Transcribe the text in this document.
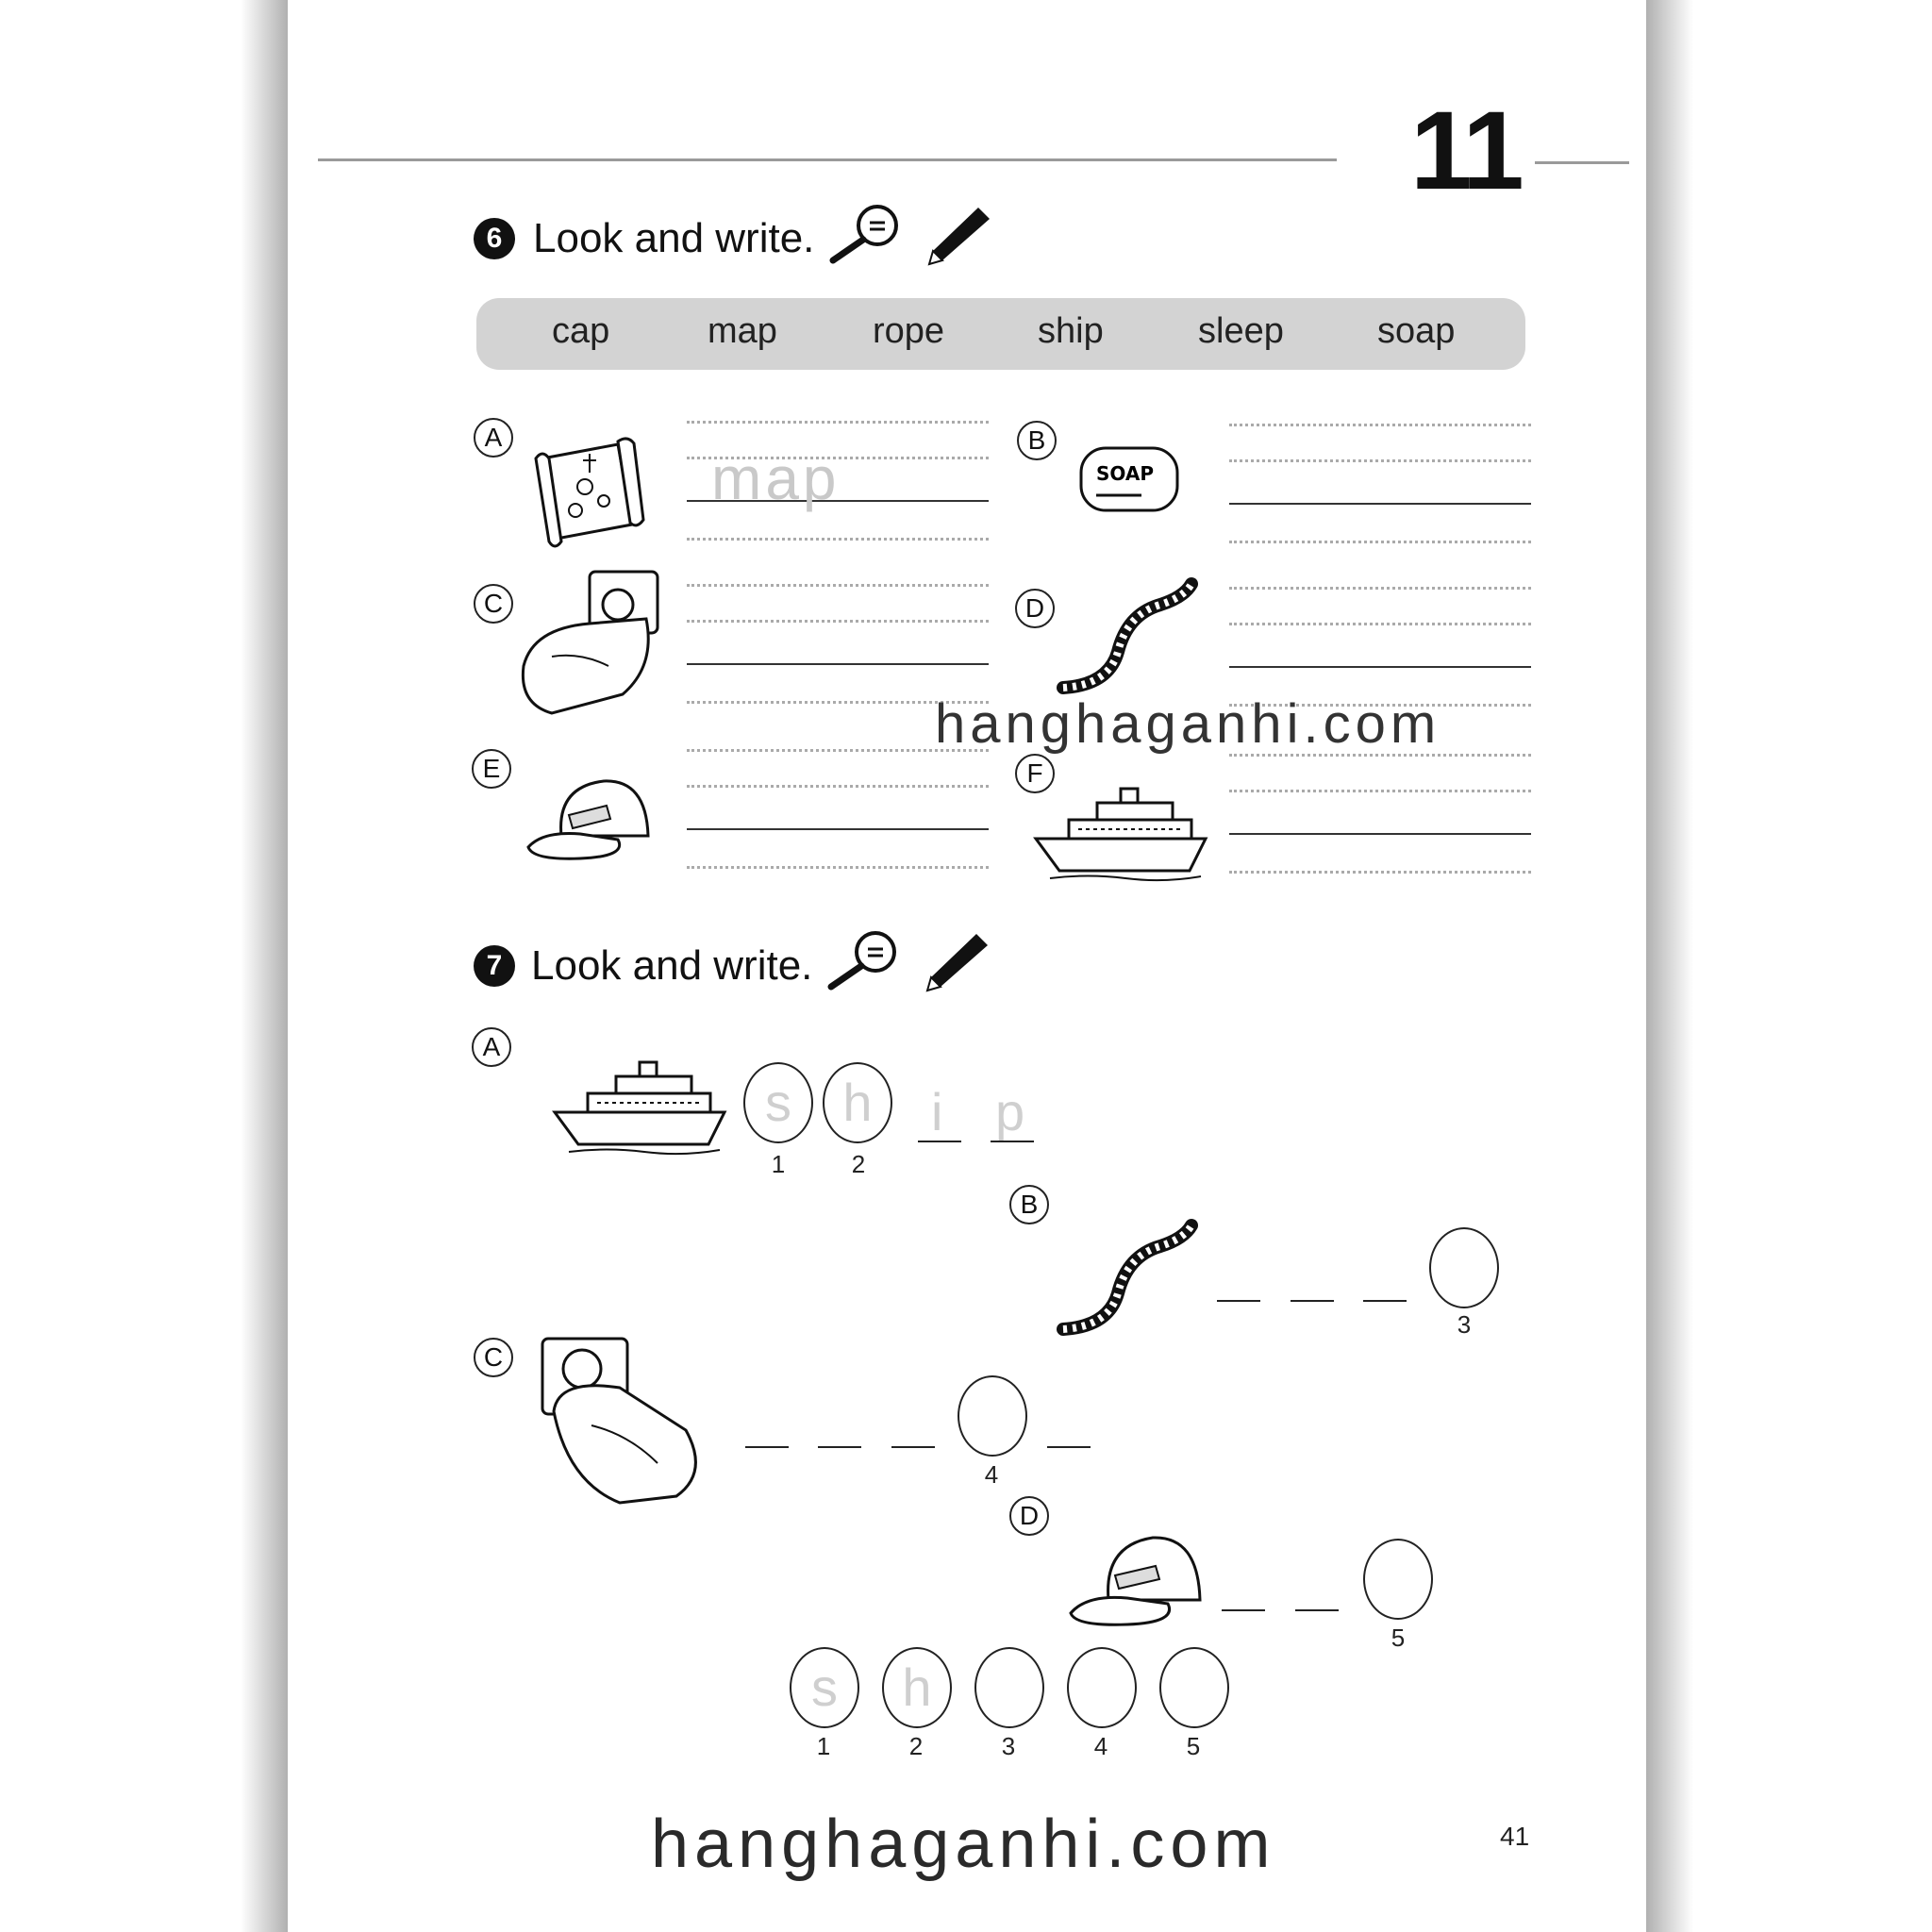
11
6 Look and write.
cap	map	rope	ship	sleep	soap
A
map
B
SOAP
C	D
E	F
hanghaganhi.com
7 Look and write.
A
s
1
h
2
i p
B
3
C
4
D
5
s
1
h
2	3	4	5
hanghaganhi.com	41
